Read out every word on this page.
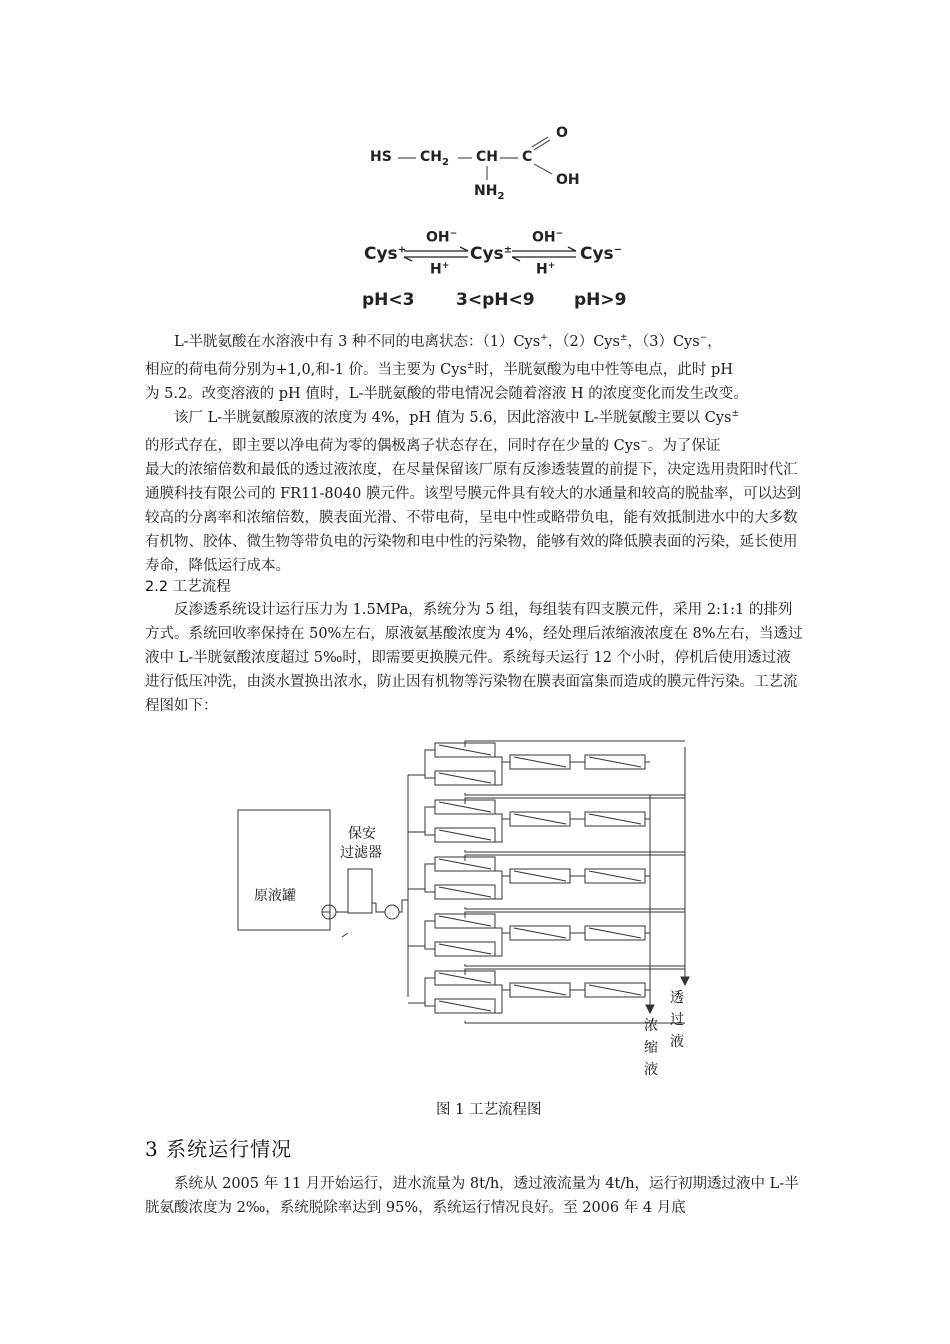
HS $CH_2$ CH C
O
OH
$NH_2$
Cys+
OH−
H+
Cys±
OH−
H+
Cys−
pH<3 3<pH<9 pH>9

L-半胱氨酸在水溶液中有 3 种不同的电离状态：（1）Cys+，（2）Cys±，（3）Cys−，

相应的荷电荷分别为+1,0,和-1 价。当主要为 Cys±时，半胱氨酸为电中性等电点，此时 pH

为 5.2。改变溶液的 pH 值时，L-半胱氨酸的带电情况会随着溶液 H 的浓度变化而发生改变。

该厂 L-半胱氨酸原液的浓度为 4%，pH 值为 5.6，因此溶液中 L-半胱氨酸主要以 Cys±

的形式存在，即主要以净电荷为零的偶极离子状态存在，同时存在少量的 Cys−。为了保证

最大的浓缩倍数和最低的透过液浓度，在尽量保留该厂原有反渗透装置的前提下，决定选用贵阳时代汇通膜科技有限公司的 FR11-8040 膜元件。该型号膜元件具有较大的水通量和较高的脱盐率，可以达到较高的分离率和浓缩倍数，膜表面光滑、不带电荷，呈电中性或略带负电，能有效抵制进水中的大多数有机物、胶体、微生物等带负电的污染物和电中性的污染物，能够有效的降低膜表面的污染，延长使用寿命，降低运行成本。

2.2 工艺流程

反渗透系统设计运行压力为 1.5MPa，系统分为 5 组，每组装有四支膜元件，采用 2:1:1 的排列方式。系统回收率保持在 50%左右，原液氨基酸浓度为 4%，经处理后浓缩液浓度在 8%左右，当透过液中 L-半胱氨酸浓度超过 5‰时，即需要更换膜元件。系统每天运行 12 个小时，停机后使用透过液进行低压冲洗，由淡水置换出浓水，防止因有机物等污染物在膜表面富集而造成的膜元件污染。工艺流程图如下：

原液罐
保安
过滤器
透
过
液
浓
缩
液
图 1 工艺流程图
3 系统运行情况

系统从 2005 年 11 月开始运行，进水流量为 8t/h，透过液流量为 4t/h，运行初期透过液中 L-半胱氨酸浓度为 2‰，系统脱除率达到 95%，系统运行情况良好。至 2006 年 4 月底
